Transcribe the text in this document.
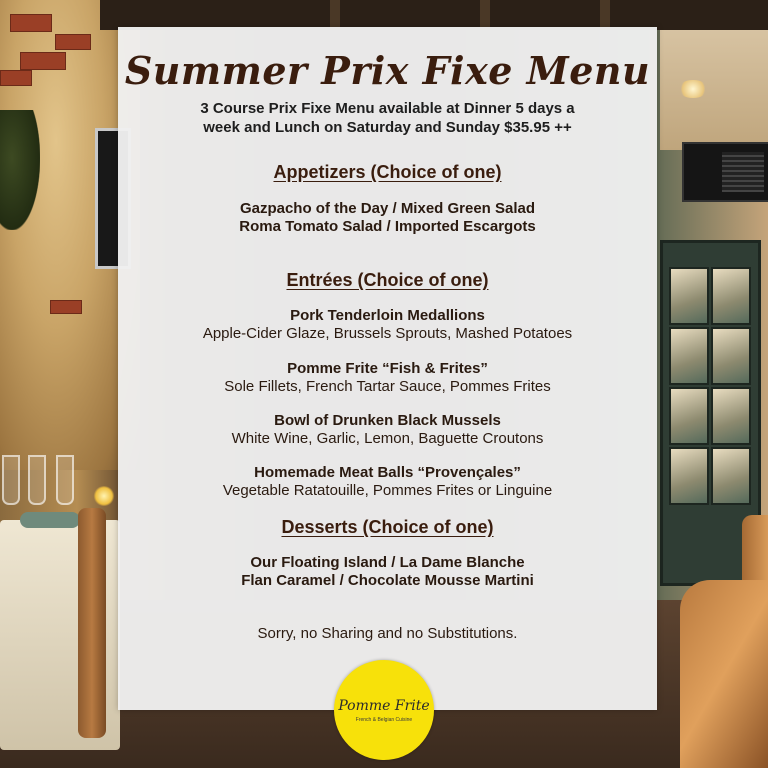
Summer Prix Fixe Menu
3 Course Prix Fixe Menu available at Dinner 5 days a
week and Lunch on Saturday and Sunday $35.95 ++
Appetizers (Choice of one)
Gazpacho of the Day / Mixed Green Salad
Roma Tomato Salad / Imported Escargots
Entrées (Choice of one)
Pork Tenderloin Medallions
Apple-Cider Glaze, Brussels Sprouts, Mashed Potatoes
Pomme Frite “Fish & Frites”
Sole Fillets, French Tartar Sauce, Pommes Frites
Bowl of Drunken Black Mussels
White Wine, Garlic, Lemon, Baguette Croutons
Homemade Meat Balls “Provençales”
Vegetable Ratatouille, Pommes Frites or Linguine
Desserts (Choice of one)
Our Floating Island / La Dame Blanche
Flan Caramel / Chocolate Mousse Martini
Sorry, no Sharing and no Substitutions.
Pomme Frite
French & Belgian Cuisine
